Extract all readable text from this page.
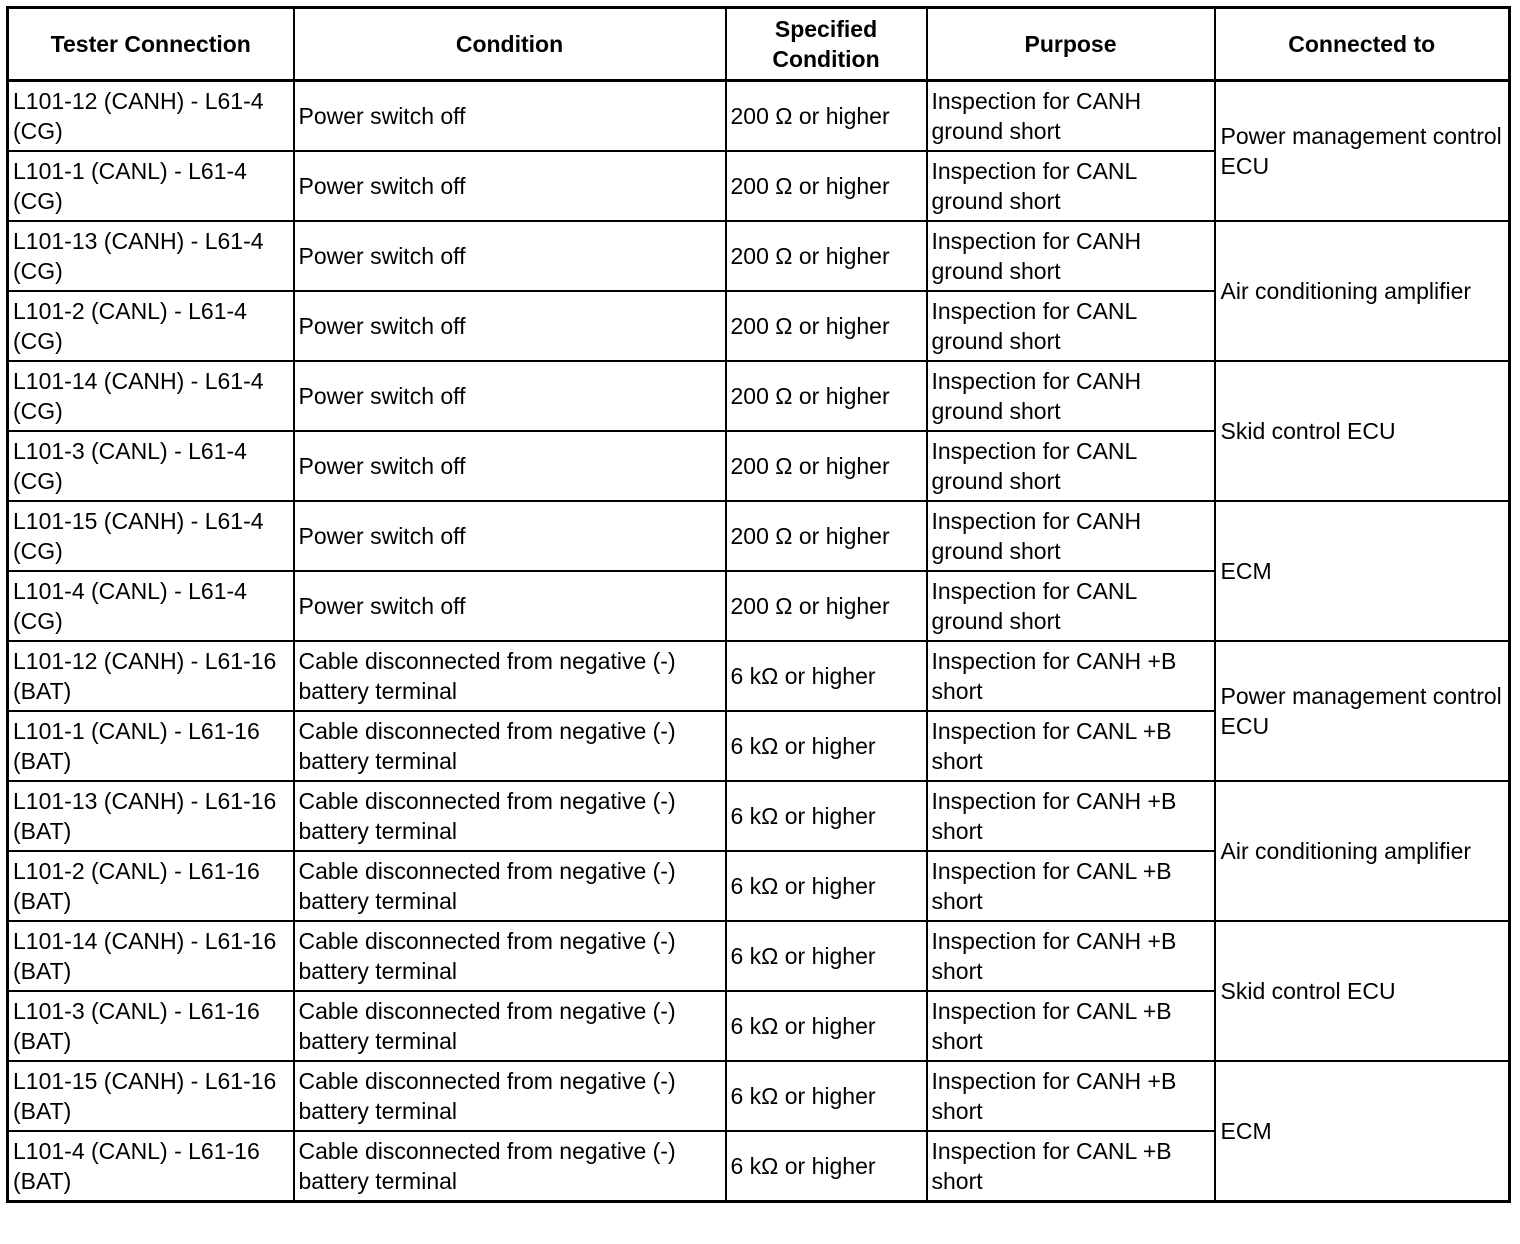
Tester Connection	Condition	Specified Condition	Purpose	Connected to
L101-12 (CANH) - L61-4 (CG)	Power switch off	200 Ω or higher	Inspection for CANH ground short	Power management control ECU
L101-1 (CANL) - L61-4 (CG)	Power switch off	200 Ω or higher	Inspection for CANL ground short	
L101-13 (CANH) - L61-4 (CG)	Power switch off	200 Ω or higher	Inspection for CANH ground short	Air conditioning amplifier
L101-2 (CANL) - L61-4 (CG)	Power switch off	200 Ω or higher	Inspection for CANL ground short	
L101-14 (CANH) - L61-4 (CG)	Power switch off	200 Ω or higher	Inspection for CANH ground short	Skid control ECU
L101-3 (CANL) - L61-4 (CG)	Power switch off	200 Ω or higher	Inspection for CANL ground short	
L101-15 (CANH) - L61-4 (CG)	Power switch off	200 Ω or higher	Inspection for CANH ground short	ECM
L101-4 (CANL) - L61-4 (CG)	Power switch off	200 Ω or higher	Inspection for CANL ground short	
L101-12 (CANH) - L61-16 (BAT)	Cable disconnected from negative (-) battery terminal	6 kΩ or higher	Inspection for CANH +B short	Power management control ECU
L101-1 (CANL) - L61-16 (BAT)	Cable disconnected from negative (-) battery terminal	6 kΩ or higher	Inspection for CANL +B short	
L101-13 (CANH) - L61-16 (BAT)	Cable disconnected from negative (-) battery terminal	6 kΩ or higher	Inspection for CANH +B short	Air conditioning amplifier
L101-2 (CANL) - L61-16 (BAT)	Cable disconnected from negative (-) battery terminal	6 kΩ or higher	Inspection for CANL +B short	
L101-14 (CANH) - L61-16 (BAT)	Cable disconnected from negative (-) battery terminal	6 kΩ or higher	Inspection for CANH +B short	Skid control ECU
L101-3 (CANL) - L61-16 (BAT)	Cable disconnected from negative (-) battery terminal	6 kΩ or higher	Inspection for CANL +B short	
L101-15 (CANH) - L61-16 (BAT)	Cable disconnected from negative (-) battery terminal	6 kΩ or higher	Inspection for CANH +B short	ECM
L101-4 (CANL) - L61-16 (BAT)	Cable disconnected from negative (-) battery terminal	6 kΩ or higher	Inspection for CANL +B short	
